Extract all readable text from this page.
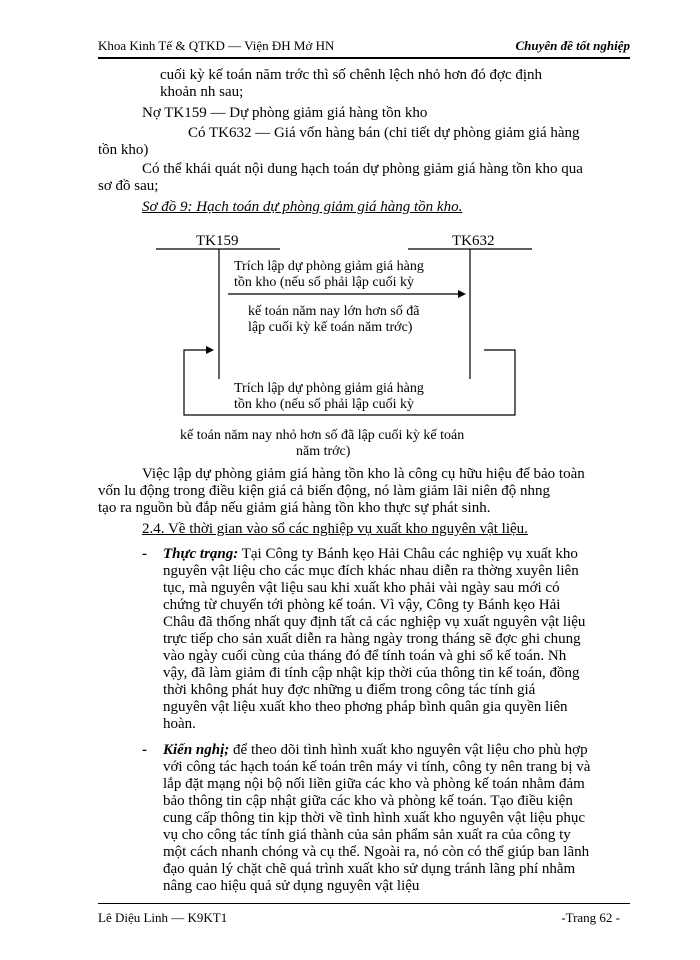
Khoa Kinh Tế & QTKD — Viện ĐH Mở HN	Chuyên đề tốt nghiệp
cuối kỳ kế toán năm trớc thì số chênh lệch nhỏ hơn đó đợc định
khoản nh sau;
Nợ TK159 — Dự phòng giảm giá hàng tồn kho
Có TK632 — Giá vốn hàng bán (chi tiết dự phòng giảm giá hàng
tồn kho)
Có thể khái quát nội dung hạch toán dự phòng giảm giá hàng tồn kho qua
sơ đồ sau;
Sơ đồ 9: Hạch toán dự phòng giảm giá hàng tồn kho.
TK159	TK632
Trích lập dự phòng giảm giá hàng
tồn kho (nếu số phải lập cuối kỳ
kế toán năm nay lớn hơn số đã
lập cuối kỳ kế toán năm trớc)
Trích lập dự phòng giảm giá hàng
tồn kho (nếu số phải lập cuối kỳ
kế toán năm nay nhỏ hơn số đã lập cuối kỳ kế toán
năm trớc)
Việc lập dự phòng giảm giá hàng tồn kho là công cụ hữu hiệu để bảo toàn
vốn lu động trong điều kiện giá cả biến động, nó làm giảm lãi niên độ nhng
tạo ra nguồn bù đắp nếu giảm giá hàng tồn kho thực sự phát sinh.
2.4. Về thời gian vào sổ các nghiệp vụ xuất kho nguyên vật liệu.
- Thực trạng: Tại Công ty Bánh kẹo Hải Châu các nghiệp vụ xuất kho
nguyên vật liệu cho các mục đích khác nhau diễn ra thờng xuyên liên
tục, mà nguyên vật liệu sau khi xuất kho phải vài ngày sau mới có
chứng từ chuyển tới phòng kế toán. Vì vậy, Công ty Bánh kẹo Hải
Châu đã thống nhất quy định tất cả các nghiệp vụ xuất nguyên vật liệu
trực tiếp cho sản xuất diễn ra hàng ngày trong tháng sẽ đợc ghi chung
vào ngày cuối cùng của tháng đó để tính toán và ghi sổ kế toán. Nh
vậy, đã làm giảm đi tính cập nhật kịp thời của thông tin kế toán, đồng
thời không phát huy đợc những u điểm trong công tác tính giá
nguyên vật liệu xuất kho theo phơng pháp bình quân gia quyền liên
hoàn.
- Kiến nghị; để theo dõi tình hình xuất kho nguyên vật liệu cho phù hợp
với công tác hạch toán kế toán trên máy vi tính, công ty nên trang bị và
lắp đặt mạng nội bộ nối liền giữa các kho và phòng kế toán nhằm đảm
bảo thông tin cập nhật giữa các kho và phòng kế toán. Tạo điều kiện
cung cấp thông tin kịp thời về tình hình xuất kho nguyên vật liệu phục
vụ cho công tác tính giá thành của sản phẩm sản xuất ra của công ty
một cách nhanh chóng và cụ thể. Ngoài ra, nó còn có thể giúp ban lãnh
đạo quản lý chặt chẽ quá trình xuất kho sử dụng tránh lãng phí nhằm
nâng cao hiệu quả sử dụng nguyên vật liệu
Lê Diệu Linh — K9KT1	-Trang 62 -
